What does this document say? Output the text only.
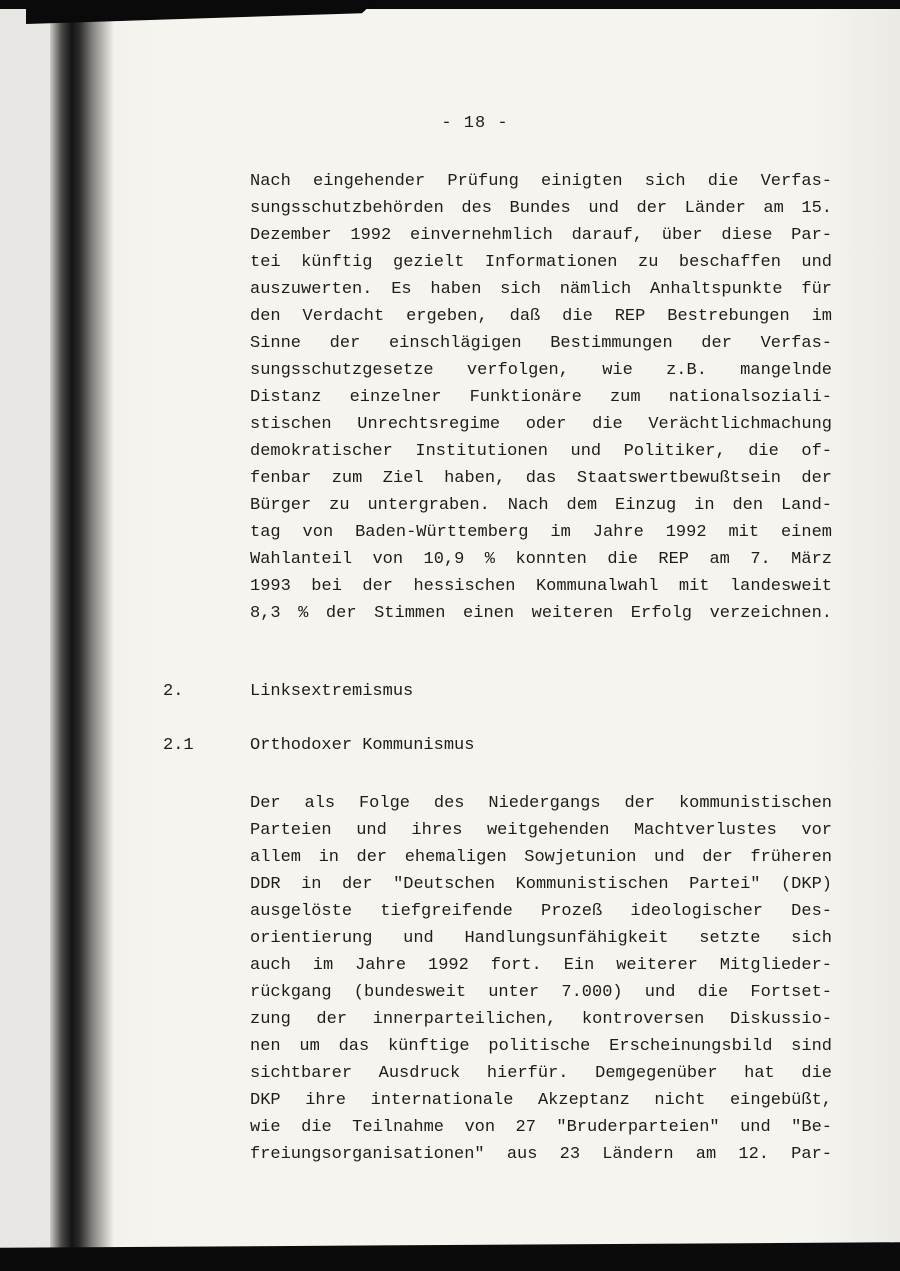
- 18 -
Nach eingehender Prüfung einigten sich die Verfas-
sungsschutzbehörden des Bundes und der Länder am 15.
Dezember 1992 einvernehmlich darauf, über diese Par-
tei künftig gezielt Informationen zu beschaffen und
auszuwerten. Es haben sich nämlich Anhaltspunkte für
den Verdacht ergeben, daß die REP Bestrebungen im
Sinne der einschlägigen Bestimmungen der Verfas-
sungsschutzgesetze verfolgen, wie z.B. mangelnde
Distanz einzelner Funktionäre zum nationalsoziali-
stischen Unrechtsregime oder die Verächtlichmachung
demokratischer Institutionen und Politiker, die of-
fenbar zum Ziel haben, das Staatswertbewußtsein der
Bürger zu untergraben. Nach dem Einzug in den Land-
tag von Baden-Württemberg im Jahre 1992 mit einem
Wahlanteil von 10,9 % konnten die REP am 7. März
1993 bei der hessischen Kommunalwahl mit landesweit
8,3 % der Stimmen einen weiteren Erfolg verzeichnen.
2.	Linksextremismus
2.1	Orthodoxer Kommunismus
Der als Folge des Niedergangs der kommunistischen
Parteien und ihres weitgehenden Machtverlustes vor
allem in der ehemaligen Sowjetunion und der früheren
DDR in der "Deutschen Kommunistischen Partei" (DKP)
ausgelöste tiefgreifende Prozeß ideologischer Des-
orientierung und Handlungsunfähigkeit setzte sich
auch im Jahre 1992 fort. Ein weiterer Mitglieder-
rückgang (bundesweit unter 7.000) und die Fortset-
zung der innerparteilichen, kontroversen Diskussio-
nen um das künftige politische Erscheinungsbild sind
sichtbarer Ausdruck hierfür. Demgegenüber hat die
DKP ihre internationale Akzeptanz nicht eingebüßt,
wie die Teilnahme von 27 "Bruderparteien" und "Be-
freiungsorganisationen" aus 23 Ländern am 12. Par-
